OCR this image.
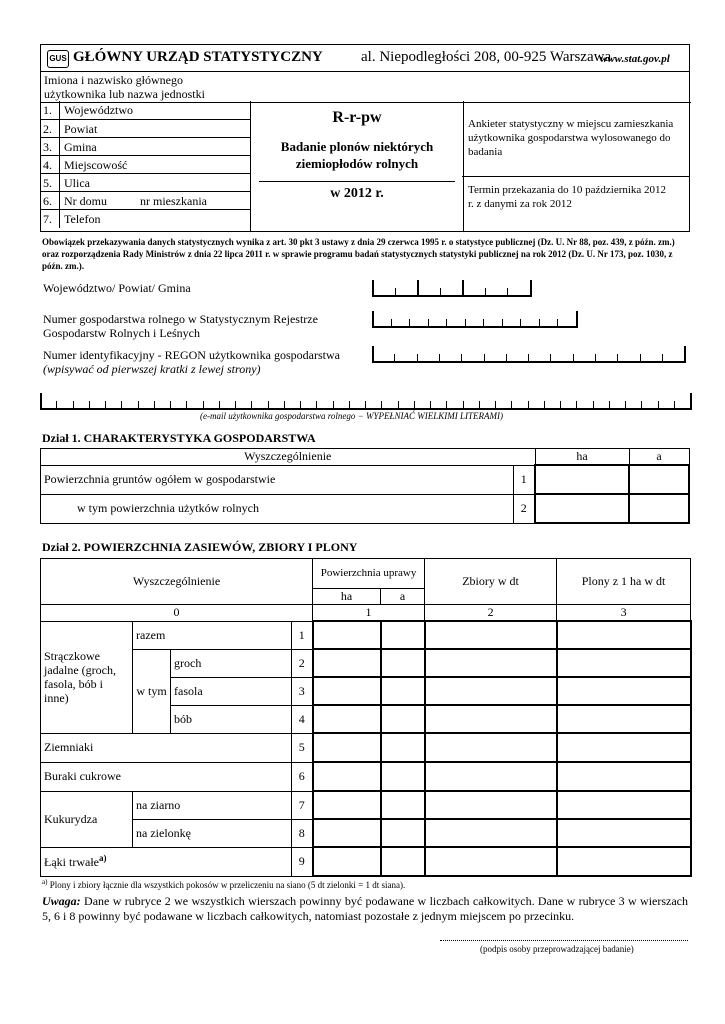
GUS GŁÓWNY URZĄD STATYSTYCZNY	al. Niepodległości 208, 00-925 Warszawa
www.stat.gov.pl
Imiona i nazwisko głównego użytkownika lub nazwa jednostki
1. Województwo
2. Powiat
3. Gmina
4. Miejscowość
5. Ulica
6. Nr domu	nr mieszkania
7. Telefon
R-r-pw
Badanie plonów niektórych ziemiopłodów rolnych
w 2012 r.
Ankieter statystyczny w miejscu zamieszkania użytkownika gospodarstwa wylosowanego do badania
Termin przekazania do 10 października 2012 r. z danymi za rok 2012
Obowiązek przekazywania danych statystycznych wynika z art. 30 pkt 3 ustawy z dnia 29 czerwca 1995 r. o statystyce publicznej (Dz. U. Nr 88, poz. 439, z późn. zm.) oraz rozporządzenia Rady Ministrów z dnia 22 lipca 2011 r. w sprawie programu badań statystycznych statystyki publicznej na rok 2012 (Dz. U. Nr 173, poz. 1030, z późn. zm.).
Województwo/ Powiat/ Gmina
Numer gospodarstwa rolnego w Statystycznym Rejestrze
Gospodarstw Rolnych i Leśnych
Numer identyfikacyjny - REGON użytkownika gospodarstwa
(wpisywać od pierwszej kratki z lewej strony)
(e-mail użytkownika gospodarstwa rolnego − WYPEŁNIAĆ WIELKIMI LITERAMI)
Dział 1. CHARAKTERYSTYKA GOSPODARSTWA
Wyszczególnienie		ha	a
Powierzchnia gruntów ogółem w gospodarstwie	1		
w tym powierzchnia użytków rolnych	2		
Dział 2. POWIERZCHNIA ZASIEWÓW, ZBIORY I PLONY
Wyszczególnienie				Powierzchnia uprawy		Zbiory w dt	Plony z 1 ha w dt
				ha	a		
0				1		2	3
Strączkowe jadalne (groch, fasola, bób i inne)	razem		1				
	w tym	groch	2				
		fasola	3				
		bób	4				
Ziemniaki			5				
Buraki cukrowe			6				
Kukurydza	na ziarno		7				
	na zielonkę		8				
Łąki trwałe$^{a)}$			9				
$^{a)}$ Plony i zbiory łącznie dla wszystkich pokosów w przeliczeniu na siano (5 dt zielonki = 1 dt siana).
Uwaga: Dane w rubryce 2 we wszystkich wierszach powinny być podawane w liczbach całkowitych. Dane w rubryce 3 w wierszach 5, 6 i 8 powinny być podawane w liczbach całkowitych, natomiast pozostałe z jednym miejscem po przecinku.
(podpis osoby przeprowadzającej badanie)
